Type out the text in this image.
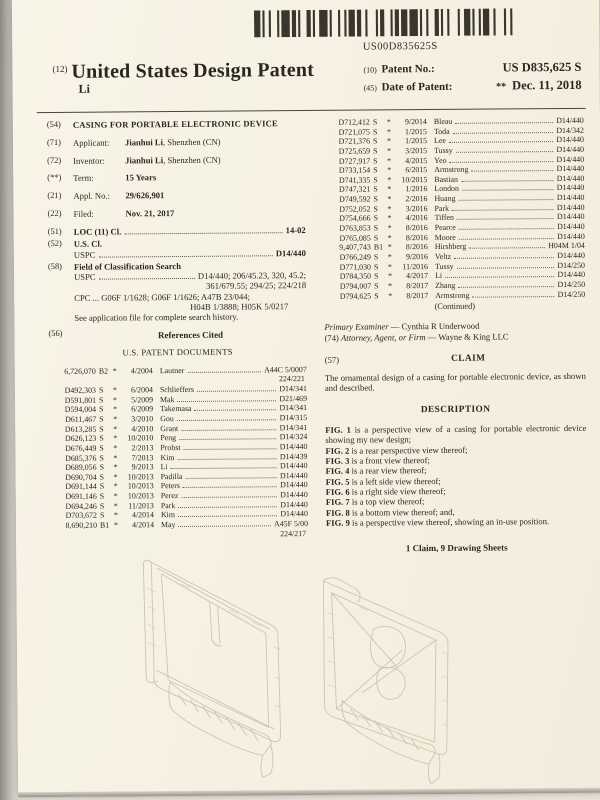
US00D835625S
$^{(12)}$ United States Design Patent
Li
(10) Patent No.:	US D835,625 S
(45) Date of Patent:	** Dec. 11, 2018
(54)	CASING FOR PORTABLE ELECTRONIC DEVICE
(71)	Applicant: Jianhui Li, Shenzhen (CN)
(72)	Inventor: Jianhui Li, Shenzhen (CN)
(**)	Term:	15 Years
(21)	Appl. No.: 29/626,901
(22)	Filed:	Nov. 21, 2017
(51)	LOC (11) Cl.	14-02
(52)	U.S. Cl.
USPC	D14/440
(58)	Field of Classification Search
USPC	D14/440; 206/45.23, 320, 45.2;
361/679.55; 294/25; 224/218
CPC ... G06F 1/1628; G06F 1/1626; A47B 23/044;
H04B 1/3888; H05K 5/0217
See application file for complete search history.
(56)	References Cited
U.S. PATENT DOCUMENTS
6,726,070 B2 *	4/2004 Lautner	A44C 5/0007
224/221
D492,303 S	*	6/2004 Schlieffers	D14/341
D591,801 S	*	5/2009 Mak	D21/469
D594,004 S	*	6/2009 Takemasa	D14/341
D611,467 S	*	3/2010 Gou	D14/315
D613,285 S	*	4/2010 Grant	D14/341
D626,123 S	*	10/2010 Peng	D14/324
D676,449 S	*	2/2013 Probst	D14/440
D685,376 S	*	7/2013 Kim	D14/439
D689,056 S	*	9/2013 Li	D14/440
D690,704 S	*	10/2013 Padilla	D14/440
D691,144 S	*	10/2013 Peters	D14/440
D691,146 S	*	10/2013 Perez	D14/440
D694,246 S	*	11/2013 Park	D14/440
D703,672 S	*	4/2014 Kim	D14/440
8,690,210 B1 *	4/2014 May	A45F 5/00
224/217
D712,412 S	*	9/2014 Bleau	D14/440
D721,075 S	*	1/2015 Toda	D14/342
D721,376 S	*	1/2015 Lee	D14/440
D725,659 S	*	3/2015 Tussy	D14/440
D727,917 S	*	4/2015 Yeo	D14/440
D733,154 S	*	6/2015 Armstrong	D14/440
D741,335 S	*	10/2015 Bastian	D14/440
D747,321 S	*	1/2016 London	D14/440
D749,592 S	*	2/2016 Huang	D14/440
D752,052 S	*	3/2016 Park	D14/440
D754,666 S	*	4/2016 Tiffen	D14/440
D763,853 S	*	8/2016 Pearce	D14/440
D765,085 S	*	8/2016 Moore	D14/440
9,407,743 B1 *	8/2016 Hirshberg	H04M 1/04
D766,249 S	*	9/2016 Veltz	D14/440
D771,030 S	*	11/2016 Tussy	D14/250
D784,350 S	*	4/2017 Li	D14/440
D794,007 S	*	8/2017 Zhang	D14/250
D794,625 S	*	8/2017 Armstrong	D14/250
(Continued)
Primary Examiner — Cynthia R Underwood
(74) Attorney, Agent, or Firm — Wayne & King LLC
(57)	CLAIM
The ornamental design of a casing for portable electronic device, as shown and described.
DESCRIPTION
FIG. 1 is a perspective view of a casing for portable electronic device showing my new design;
FIG. 2 is a rear perspective view thereof;
FIG. 3 is a front view thereof;
FIG. 4 is a rear view thereof;
FIG. 5 is a left side view thereof;
FIG. 6 is a right side view thereof;
FIG. 7 is a top view thereof;
FIG. 8 is a bottom view thereof; and,
FIG. 9 is a perspective view thereof, showing an in-use position.
1 Claim, 9 Drawing Sheets
